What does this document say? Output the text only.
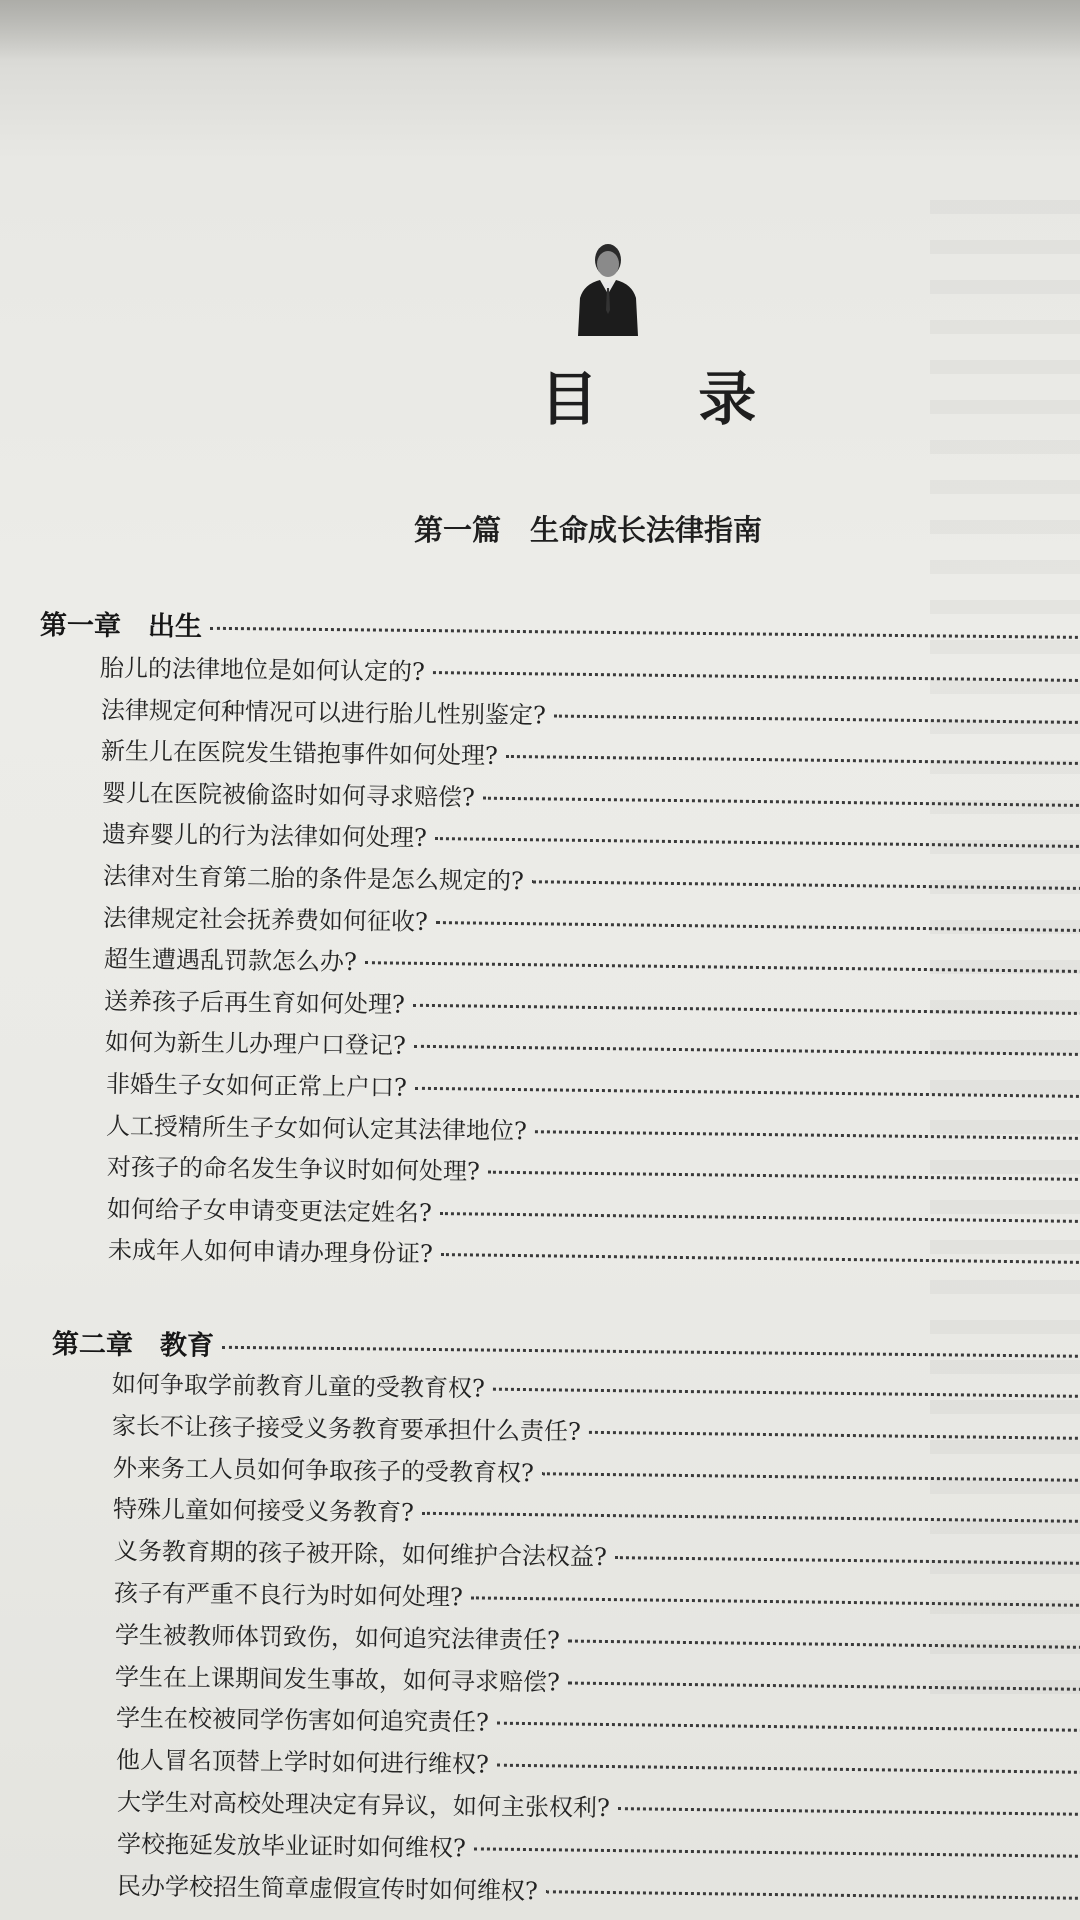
目 录
第一篇　生命成长法律指南
第一章　出生
第二章　教育
胎儿的法律地位是如何认定的?
法律规定何种情况可以进行胎儿性别鉴定?
新生儿在医院发生错抱事件如何处理?
婴儿在医院被偷盗时如何寻求赔偿?
遗弃婴儿的行为法律如何处理?
法律对生育第二胎的条件是怎么规定的?
法律规定社会抚养费如何征收?
超生遭遇乱罚款怎么办?
送养孩子后再生育如何处理?
如何为新生儿办理户口登记?
非婚生子女如何正常上户口?
人工授精所生子女如何认定其法律地位?
对孩子的命名发生争议时如何处理?
如何给子女申请变更法定姓名?
未成年人如何申请办理身份证?
如何争取学前教育儿童的受教育权?
家长不让孩子接受义务教育要承担什么责任?
外来务工人员如何争取孩子的受教育权?
特殊儿童如何接受义务教育?
义务教育期的孩子被开除，如何维护合法权益?
孩子有严重不良行为时如何处理?
学生被教师体罚致伤，如何追究法律责任?
学生在上课期间发生事故，如何寻求赔偿?
学生在校被同学伤害如何追究责任?
他人冒名顶替上学时如何进行维权?
大学生对高校处理决定有异议，如何主张权利?
学校拖延发放毕业证时如何维权?
民办学校招生简章虚假宣传时如何维权?
